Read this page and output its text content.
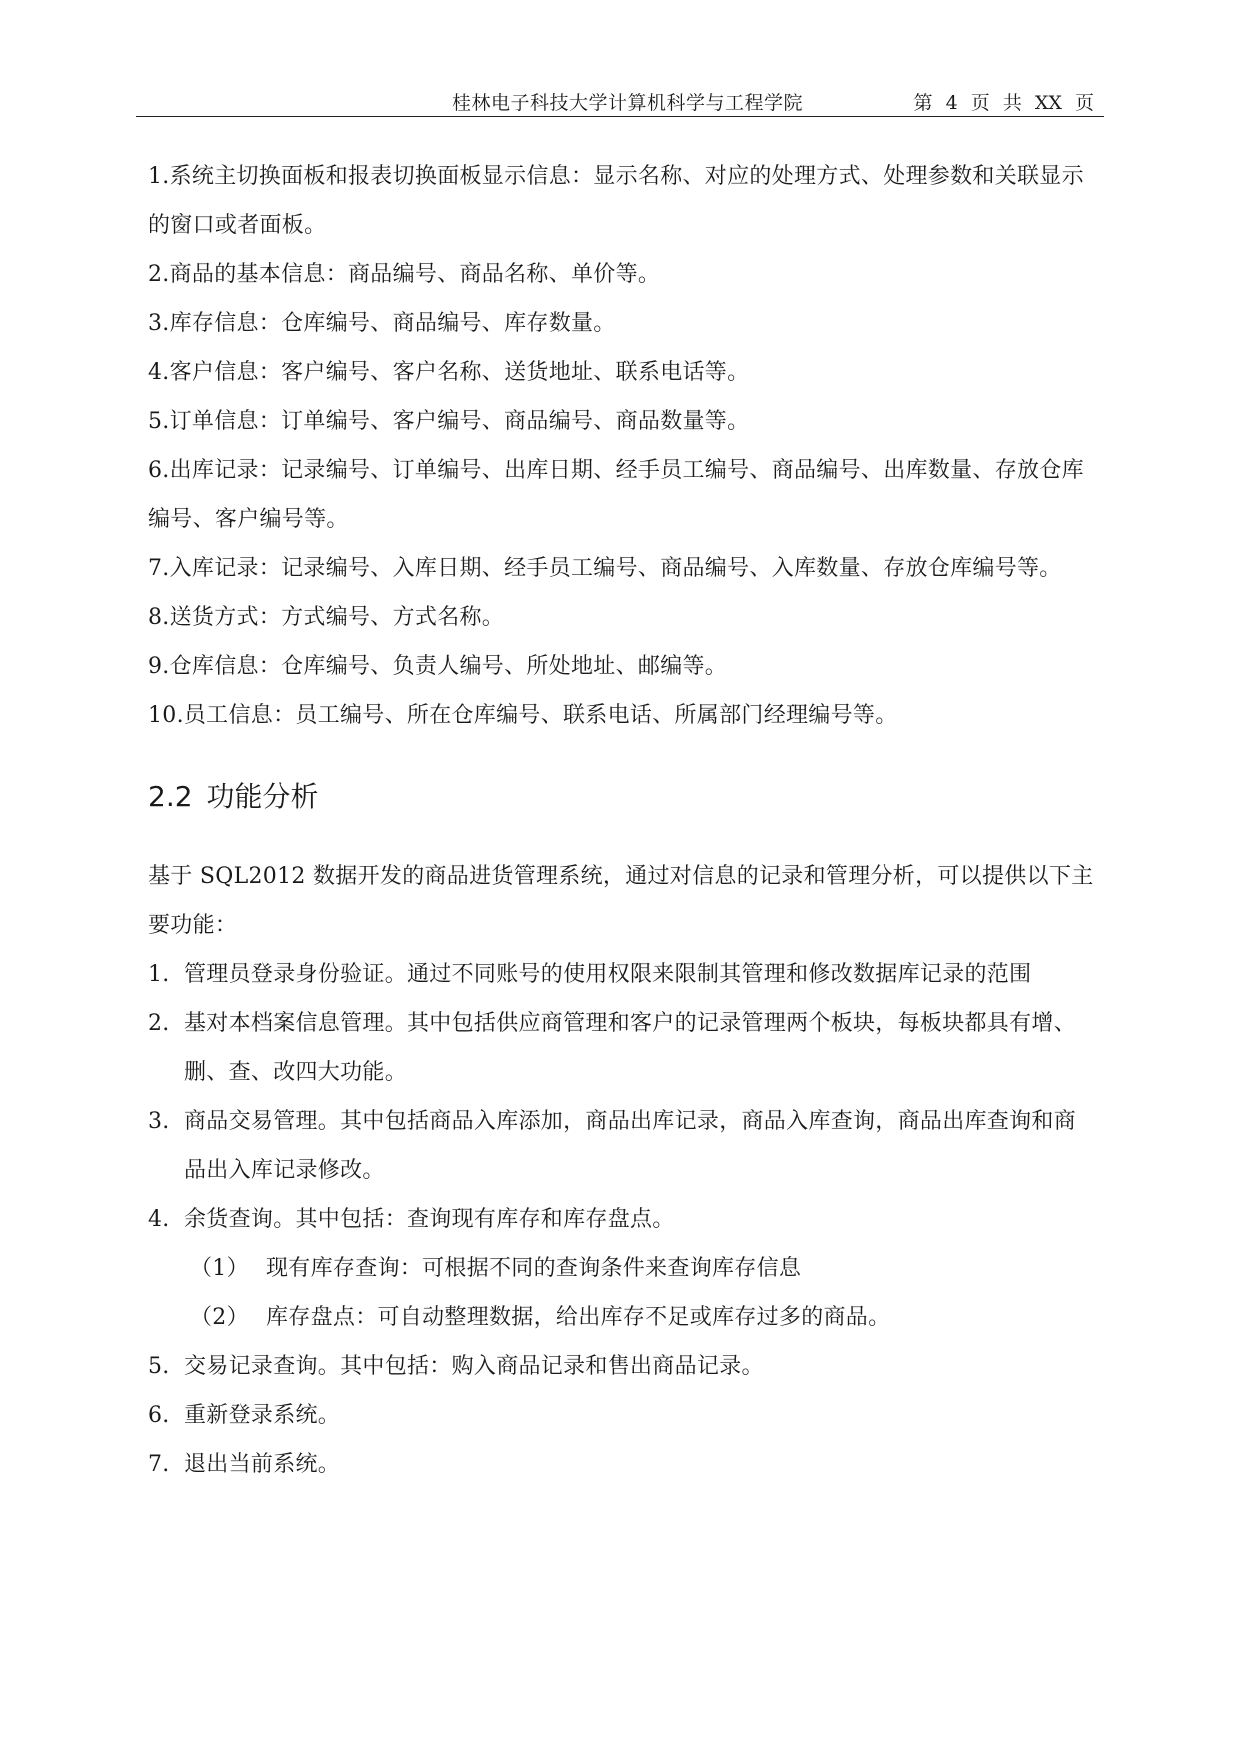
桂林电子科技大学计算机科学与工程学院	第 4 页 共 XX 页

1.系统主切换面板和报表切换面板显示信息：显示名称、对应的处理方式、处理参数和关联显示的窗口或者面板。

2.商品的基本信息：商品编号、商品名称、单价等。

3.库存信息：仓库编号、商品编号、库存数量。

4.客户信息：客户编号、客户名称、送货地址、联系电话等。

5.订单信息：订单编号、客户编号、商品编号、商品数量等。

6.出库记录：记录编号、订单编号、出库日期、经手员工编号、商品编号、出库数量、存放仓库编号、客户编号等。

7.入库记录：记录编号、入库日期、经手员工编号、商品编号、入库数量、存放仓库编号等。

8.送货方式：方式编号、方式名称。

9.仓库信息：仓库编号、负责人编号、所处地址、邮编等。

10.员工信息：员工编号、所在仓库编号、联系电话、所属部门经理编号等。

2.2 功能分析

基于 SQL2012 数据开发的商品进货管理系统，通过对信息的记录和管理分析，可以提供以下主要功能：

1. 管理员登录身份验证。通过不同账号的使用权限来限制其管理和修改数据库记录的范围
2. 基对本档案信息管理。其中包括供应商管理和客户的记录管理两个板块，每板块都具有增、删、查、改四大功能。
3. 商品交易管理。其中包括商品入库添加，商品出库记录，商品入库查询，商品出库查询和商品出入库记录修改。
4. 余货查询。其中包括：查询现有库存和库存盘点。
（1） 现有库存查询：可根据不同的查询条件来查询库存信息
（2） 库存盘点：可自动整理数据，给出库存不足或库存过多的商品。
5. 交易记录查询。其中包括：购入商品记录和售出商品记录。
6. 重新登录系统。
7. 退出当前系统。
